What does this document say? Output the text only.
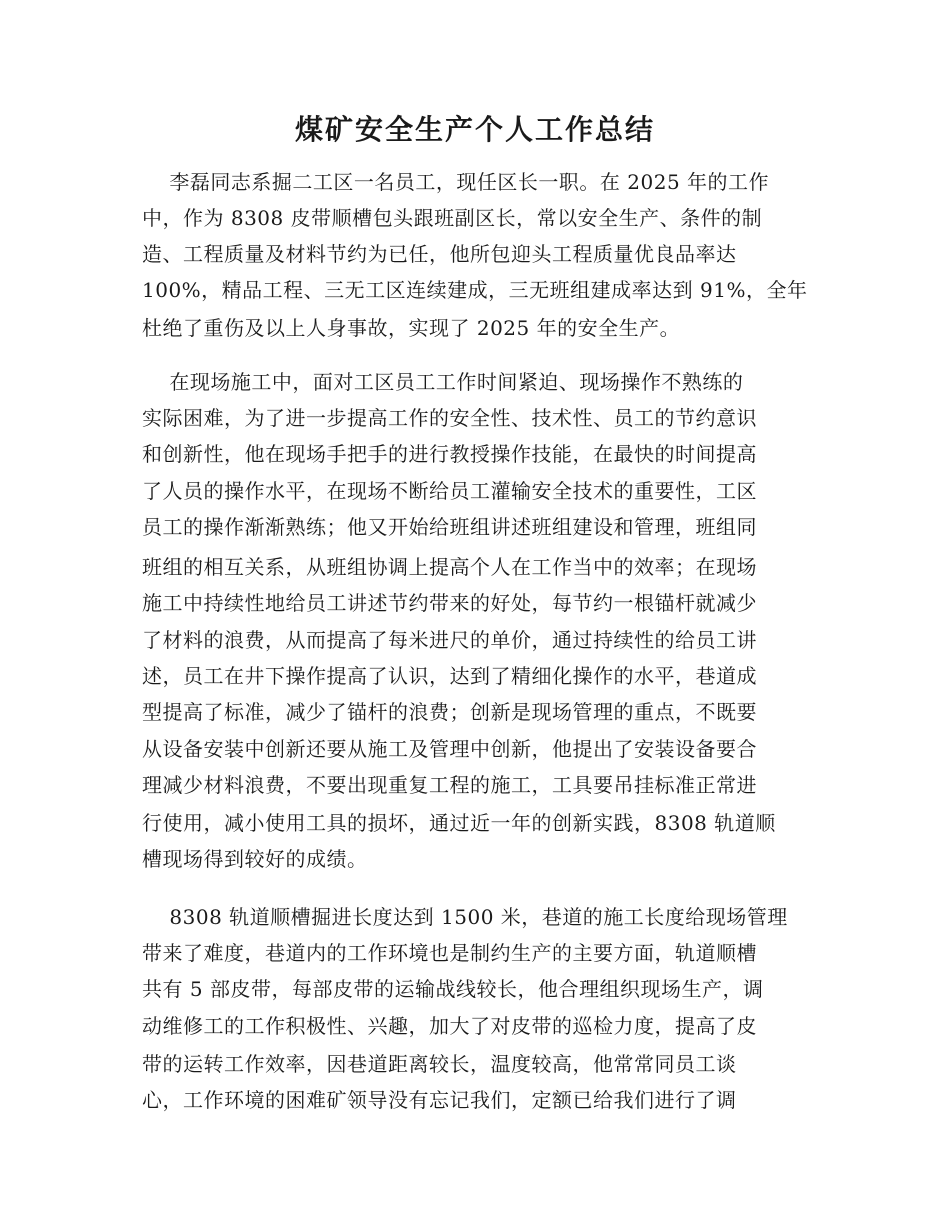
煤矿安全生产个人工作总结
李磊同志系掘二工区一名员工，现任区长一职。在 2025 年的工作
中，作为 8308 皮带顺槽包头跟班副区长，常以安全生产、条件的制
造、工程质量及材料节约为已任，他所包迎头工程质量优良品率达
100%，精品工程、三无工区连续建成，三无班组建成率达到 91%，全年
杜绝了重伤及以上人身事故，实现了 2025 年的安全生产。
在现场施工中，面对工区员工工作时间紧迫、现场操作不熟练的
实际困难，为了进一步提高工作的安全性、技术性、员工的节约意识
和创新性，他在现场手把手的进行教授操作技能，在最快的时间提高
了人员的操作水平，在现场不断给员工灌输安全技术的重要性，工区
员工的操作渐渐熟练；他又开始给班组讲述班组建设和管理，班组同
班组的相互关系，从班组协调上提高个人在工作当中的效率；在现场
施工中持续性地给员工讲述节约带来的好处，每节约一根锚杆就减少
了材料的浪费，从而提高了每米进尺的单价，通过持续性的给员工讲
述，员工在井下操作提高了认识，达到了精细化操作的水平，巷道成
型提高了标准，减少了锚杆的浪费；创新是现场管理的重点，不既要
从设备安装中创新还要从施工及管理中创新，他提出了安装设备要合
理减少材料浪费，不要出现重复工程的施工，工具要吊挂标准正常进
行使用，减小使用工具的损坏，通过近一年的创新实践，8308 轨道顺
槽现场得到较好的成绩。
8308 轨道顺槽掘进长度达到 1500 米，巷道的施工长度给现场管理
带来了难度，巷道内的工作环境也是制约生产的主要方面，轨道顺槽
共有 5 部皮带，每部皮带的运输战线较长，他合理组织现场生产，调
动维修工的工作积极性、兴趣，加大了对皮带的巡检力度，提高了皮
带的运转工作效率，因巷道距离较长，温度较高，他常常同员工谈
心，工作环境的困难矿领导没有忘记我们，定额已给我们进行了调
